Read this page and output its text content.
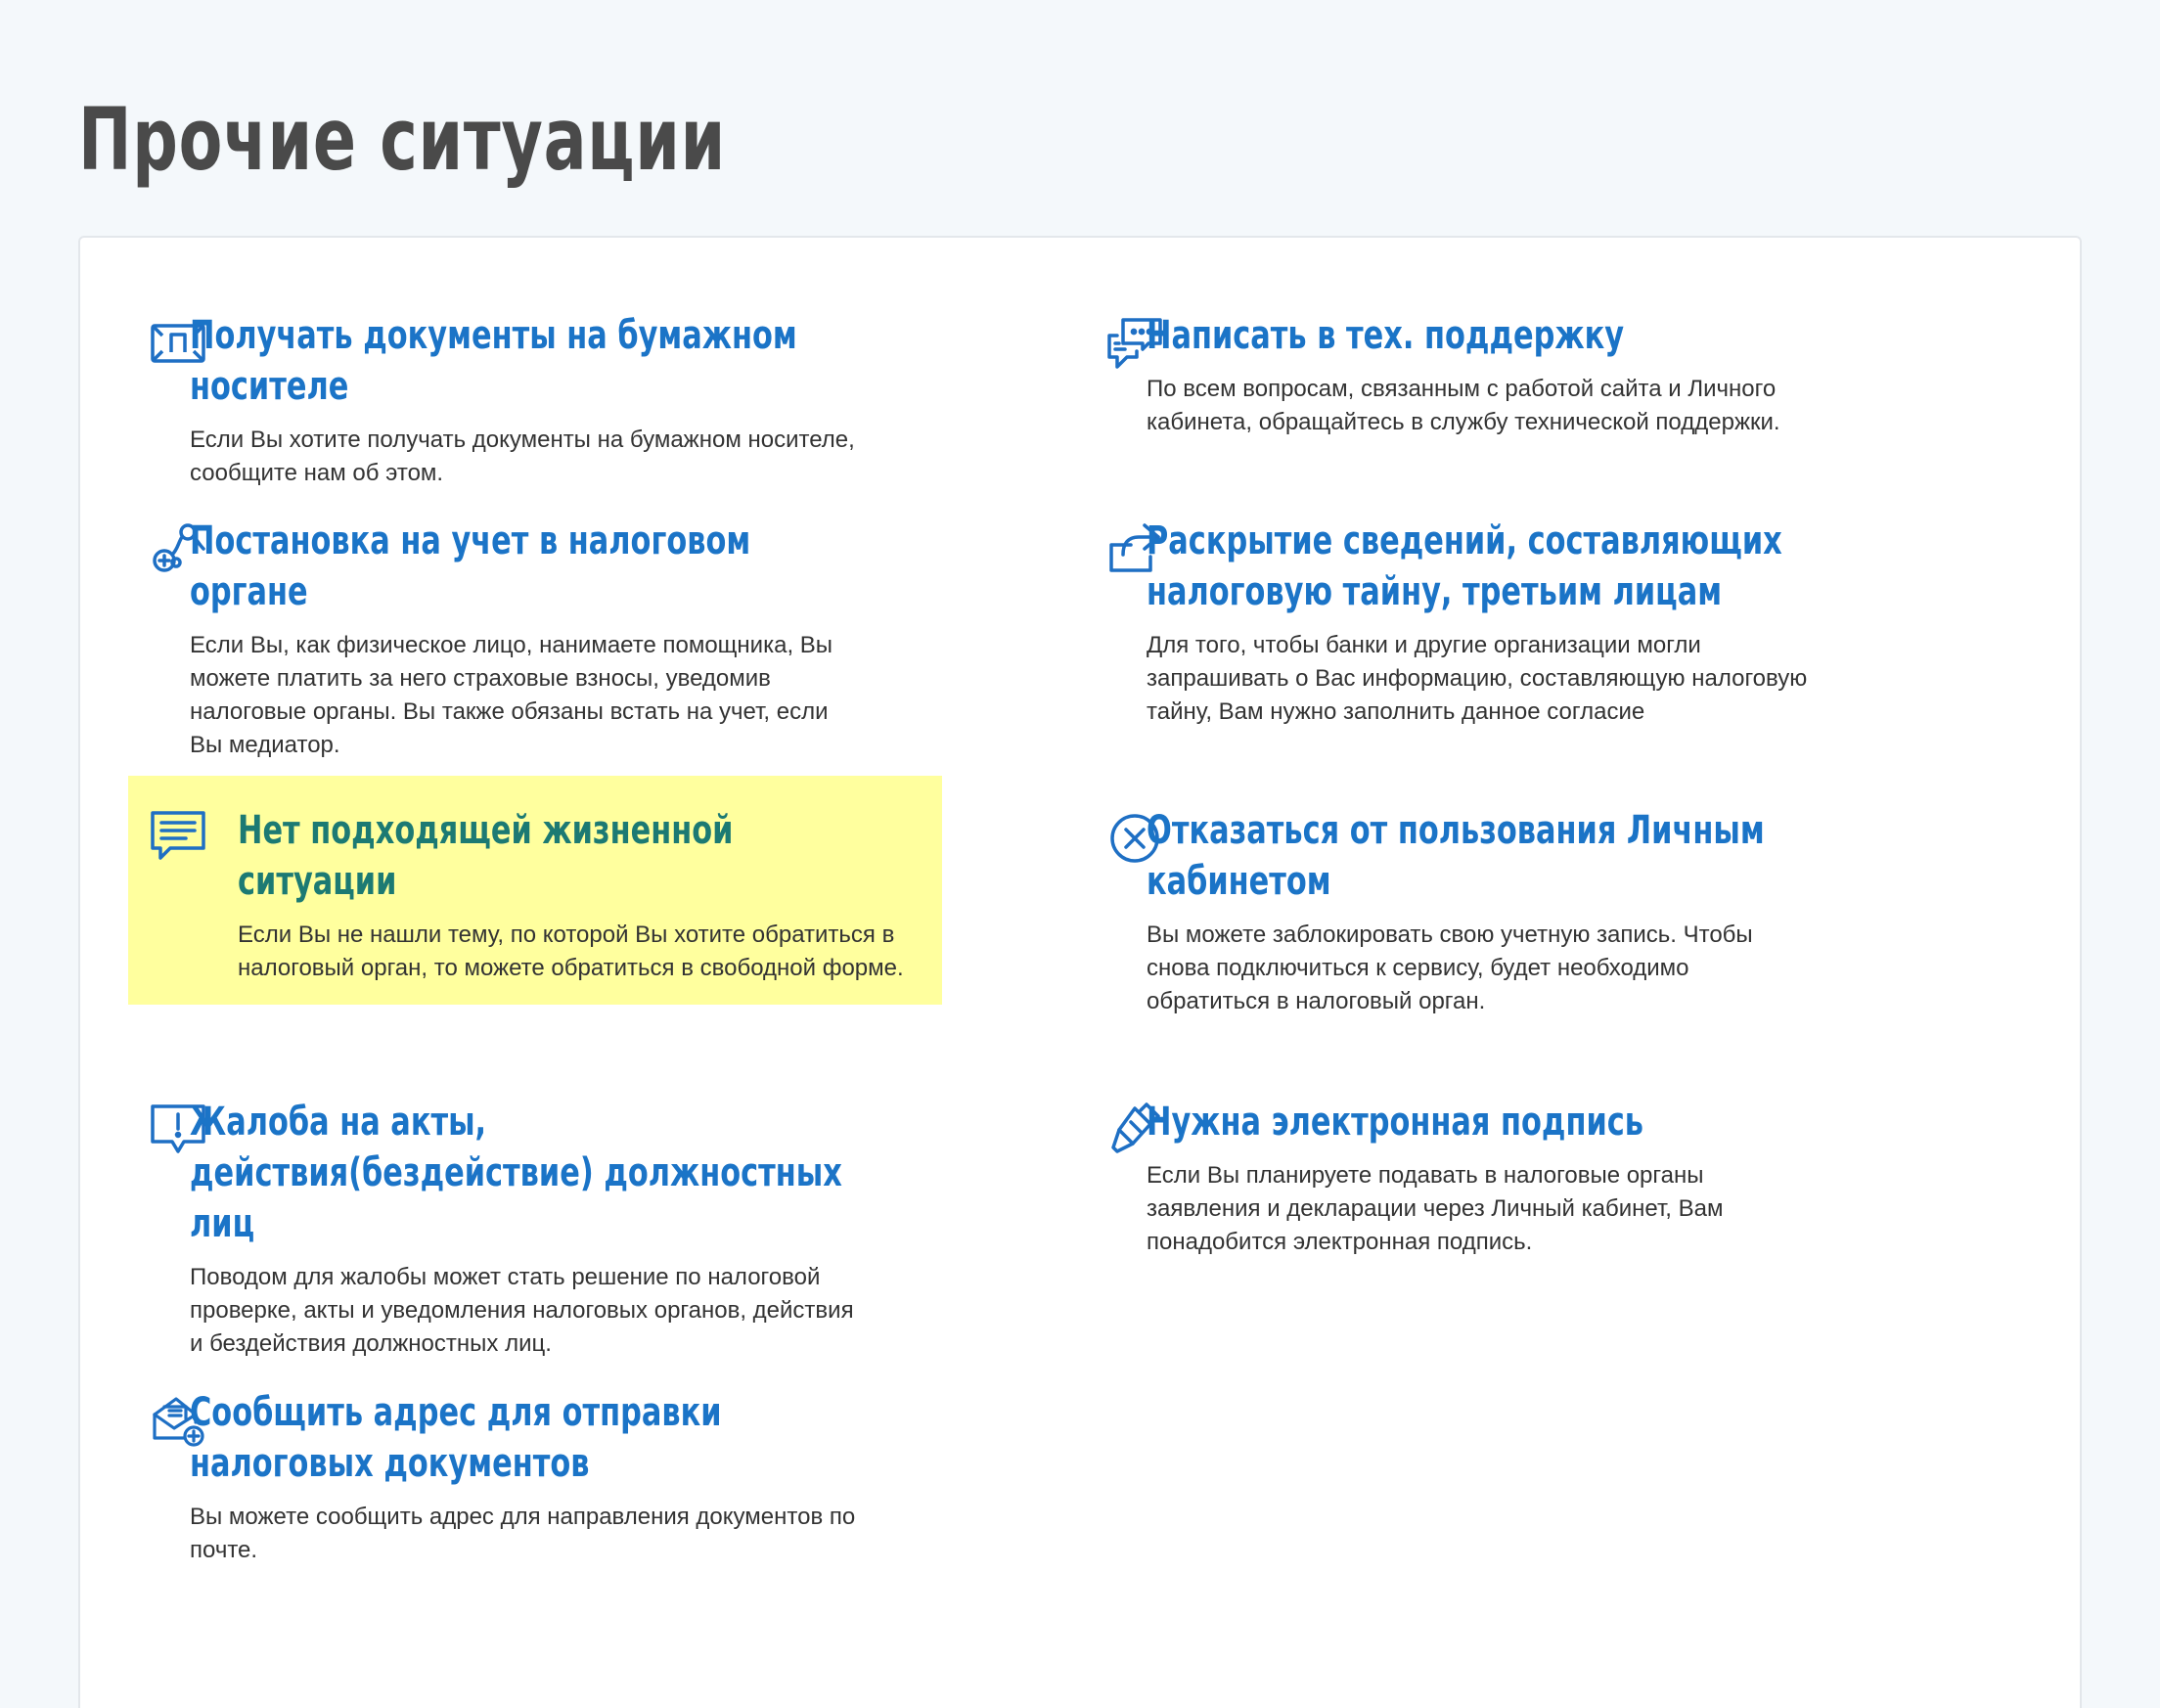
Прочие ситуации
Получать документы на бумажном носителе

Если Вы хотите получать документы на бумажном носителе, сообщите нам об этом.

Постановка на учет в налоговом органе

Если Вы, как физическое лицо, нанимаете помощника, Вы можете платить за него страховые взносы, уведомив налоговые органы. Вы также обязаны встать на учет, если Вы медиатор.

Нет подходящей жизненной ситуации

Если Вы не нашли тему, по которой Вы хотите обратиться в налоговый орган, то можете обратиться в свободной форме.

Жалоба на акты, действия(бездействие) должностных лиц

Поводом для жалобы может стать решение по налоговой проверке, акты и уведомления налоговых органов, действия и бездействия должностных лиц.

Сообщить адрес для отправки налоговых документов

Вы можете сообщить адрес для направления документов по почте.

Написать в тех. поддержку

По всем вопросам, связанным с работой сайта и Личного кабинета, обращайтесь в службу технической поддержки.

Раскрытие сведений, составляющих налоговую тайну, третьим лицам

Для того, чтобы банки и другие организации могли запрашивать о Вас информацию, составляющую налоговую тайну, Вам нужно заполнить данное согласие

Отказаться от пользования Личным кабинетом

Вы можете заблокировать свою учетную запись. Чтобы снова подключиться к сервису, будет необходимо обратиться в налоговый орган.

Нужна электронная подпись

Если Вы планируете подавать в налоговые органы заявления и декларации через Личный кабинет, Вам понадобится электронная подпись.
